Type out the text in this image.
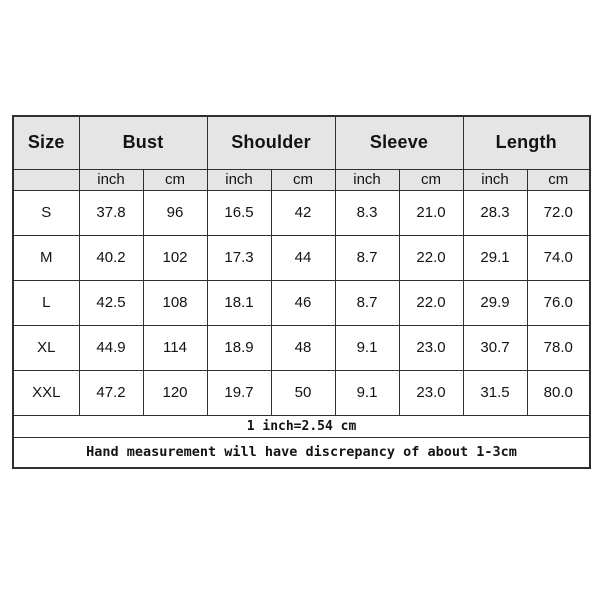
Size	Bust		Shoulder		Sleeve		Length	
	inch	cm	inch	cm	inch	cm	inch	cm
S	37.8	96	16.5	42	8.3	21.0	28.3	72.0
M	40.2	102	17.3	44	8.7	22.0	29.1	74.0
L	42.5	108	18.1	46	8.7	22.0	29.9	76.0
XL	44.9	114	18.9	48	9.1	23.0	30.7	78.0
XXL	47.2	120	19.7	50	9.1	23.0	31.5	80.0
1 inch=2.54 cm								
Hand measurement will have discrepancy of about 1-3cm								
